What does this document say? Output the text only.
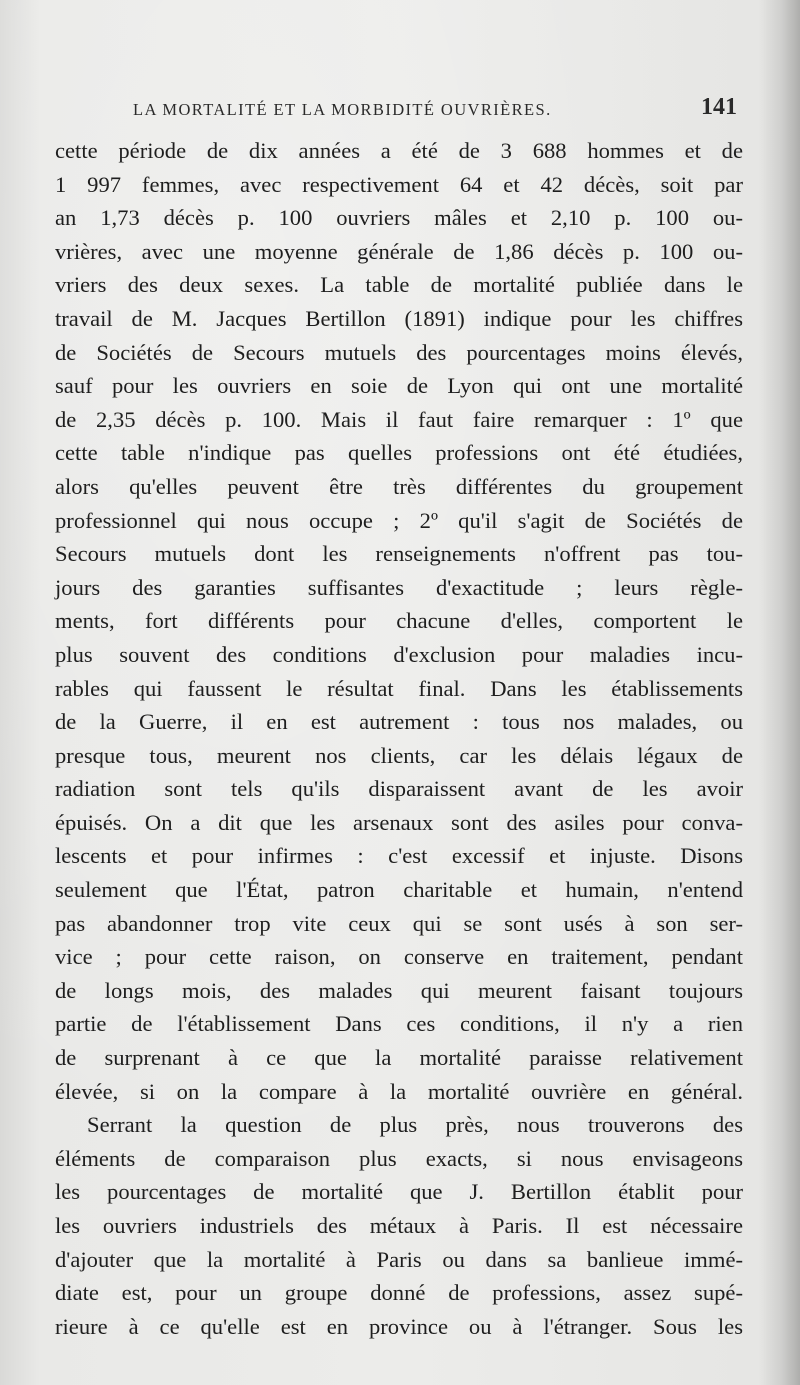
LA MORTALITÉ ET LA MORBIDITÉ OUVRIÈRES.	141
cette période de dix années a été de 3 688 hommes et de
1 997 femmes, avec respectivement 64 et 42 décès, soit par
an 1,73 décès p. 100 ouvriers mâles et 2,10 p. 100 ou-
vrières, avec une moyenne générale de 1,86 décès p. 100 ou-
vriers des deux sexes. La table de mortalité publiée dans le
travail de M. Jacques Bertillon (1891) indique pour les chiffres
de Sociétés de Secours mutuels des pourcentages moins élevés,
sauf pour les ouvriers en soie de Lyon qui ont une mortalité
de 2,35 décès p. 100. Mais il faut faire remarquer : 1º que
cette table n'indique pas quelles professions ont été étudiées,
alors qu'elles peuvent être très différentes du groupement
professionnel qui nous occupe ; 2º qu'il s'agit de Sociétés de
Secours mutuels dont les renseignements n'offrent pas tou-
jours des garanties suffisantes d'exactitude ; leurs règle-
ments, fort différents pour chacune d'elles, comportent le
plus souvent des conditions d'exclusion pour maladies incu-
rables qui faussent le résultat final. Dans les établissements
de la Guerre, il en est autrement : tous nos malades, ou
presque tous, meurent nos clients, car les délais légaux de
radiation sont tels qu'ils disparaissent avant de les avoir
épuisés. On a dit que les arsenaux sont des asiles pour conva-
lescents et pour infirmes : c'est excessif et injuste. Disons
seulement que l'État, patron charitable et humain, n'entend
pas abandonner trop vite ceux qui se sont usés à son ser-
vice ; pour cette raison, on conserve en traitement, pendant
de longs mois, des malades qui meurent faisant toujours
partie de l'établissement Dans ces conditions, il n'y a rien
de surprenant à ce que la mortalité paraisse relativement
élevée, si on la compare à la mortalité ouvrière en général.
Serrant la question de plus près, nous trouverons des
éléments de comparaison plus exacts, si nous envisageons
les pourcentages de mortalité que J. Bertillon établit pour
les ouvriers industriels des métaux à Paris. Il est nécessaire
d'ajouter que la mortalité à Paris ou dans sa banlieue immé-
diate est, pour un groupe donné de professions, assez supé-
rieure à ce qu'elle est en province ou à l'étranger. Sous les
